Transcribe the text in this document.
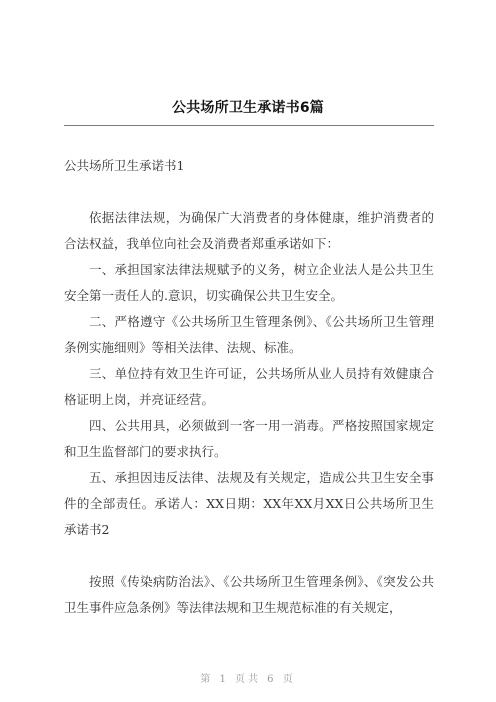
公共场所卫生承诺书6篇

公共场所卫生承诺书1

依据法律法规，为确保广大消费者的身体健康，维护消费者的合法权益，我单位向社会及消费者郑重承诺如下：

一、承担国家法律法规赋予的义务，树立企业法人是公共卫生安全第一责任人的.意识，切实确保公共卫生安全。

二、严格遵守《公共场所卫生管理条例》、《公共场所卫生管理条例实施细则》等相关法律、法规、标准。

三、单位持有效卫生许可证，公共场所从业人员持有效健康合格证明上岗，并亮证经营。

四、公共用具，必须做到一客一用一消毒。严格按照国家规定和卫生监督部门的要求执行。

五、承担因违反法律、法规及有关规定，造成公共卫生安全事件的全部责任。承诺人：XX日期：XX年XX月XX日公共场所卫生承诺书2

按照《传染病防治法》、《公共场所卫生管理条例》、《突发公共卫生事件应急条例》等法律法规和卫生规范标准的有关规定，

第 1 页共 6 页
